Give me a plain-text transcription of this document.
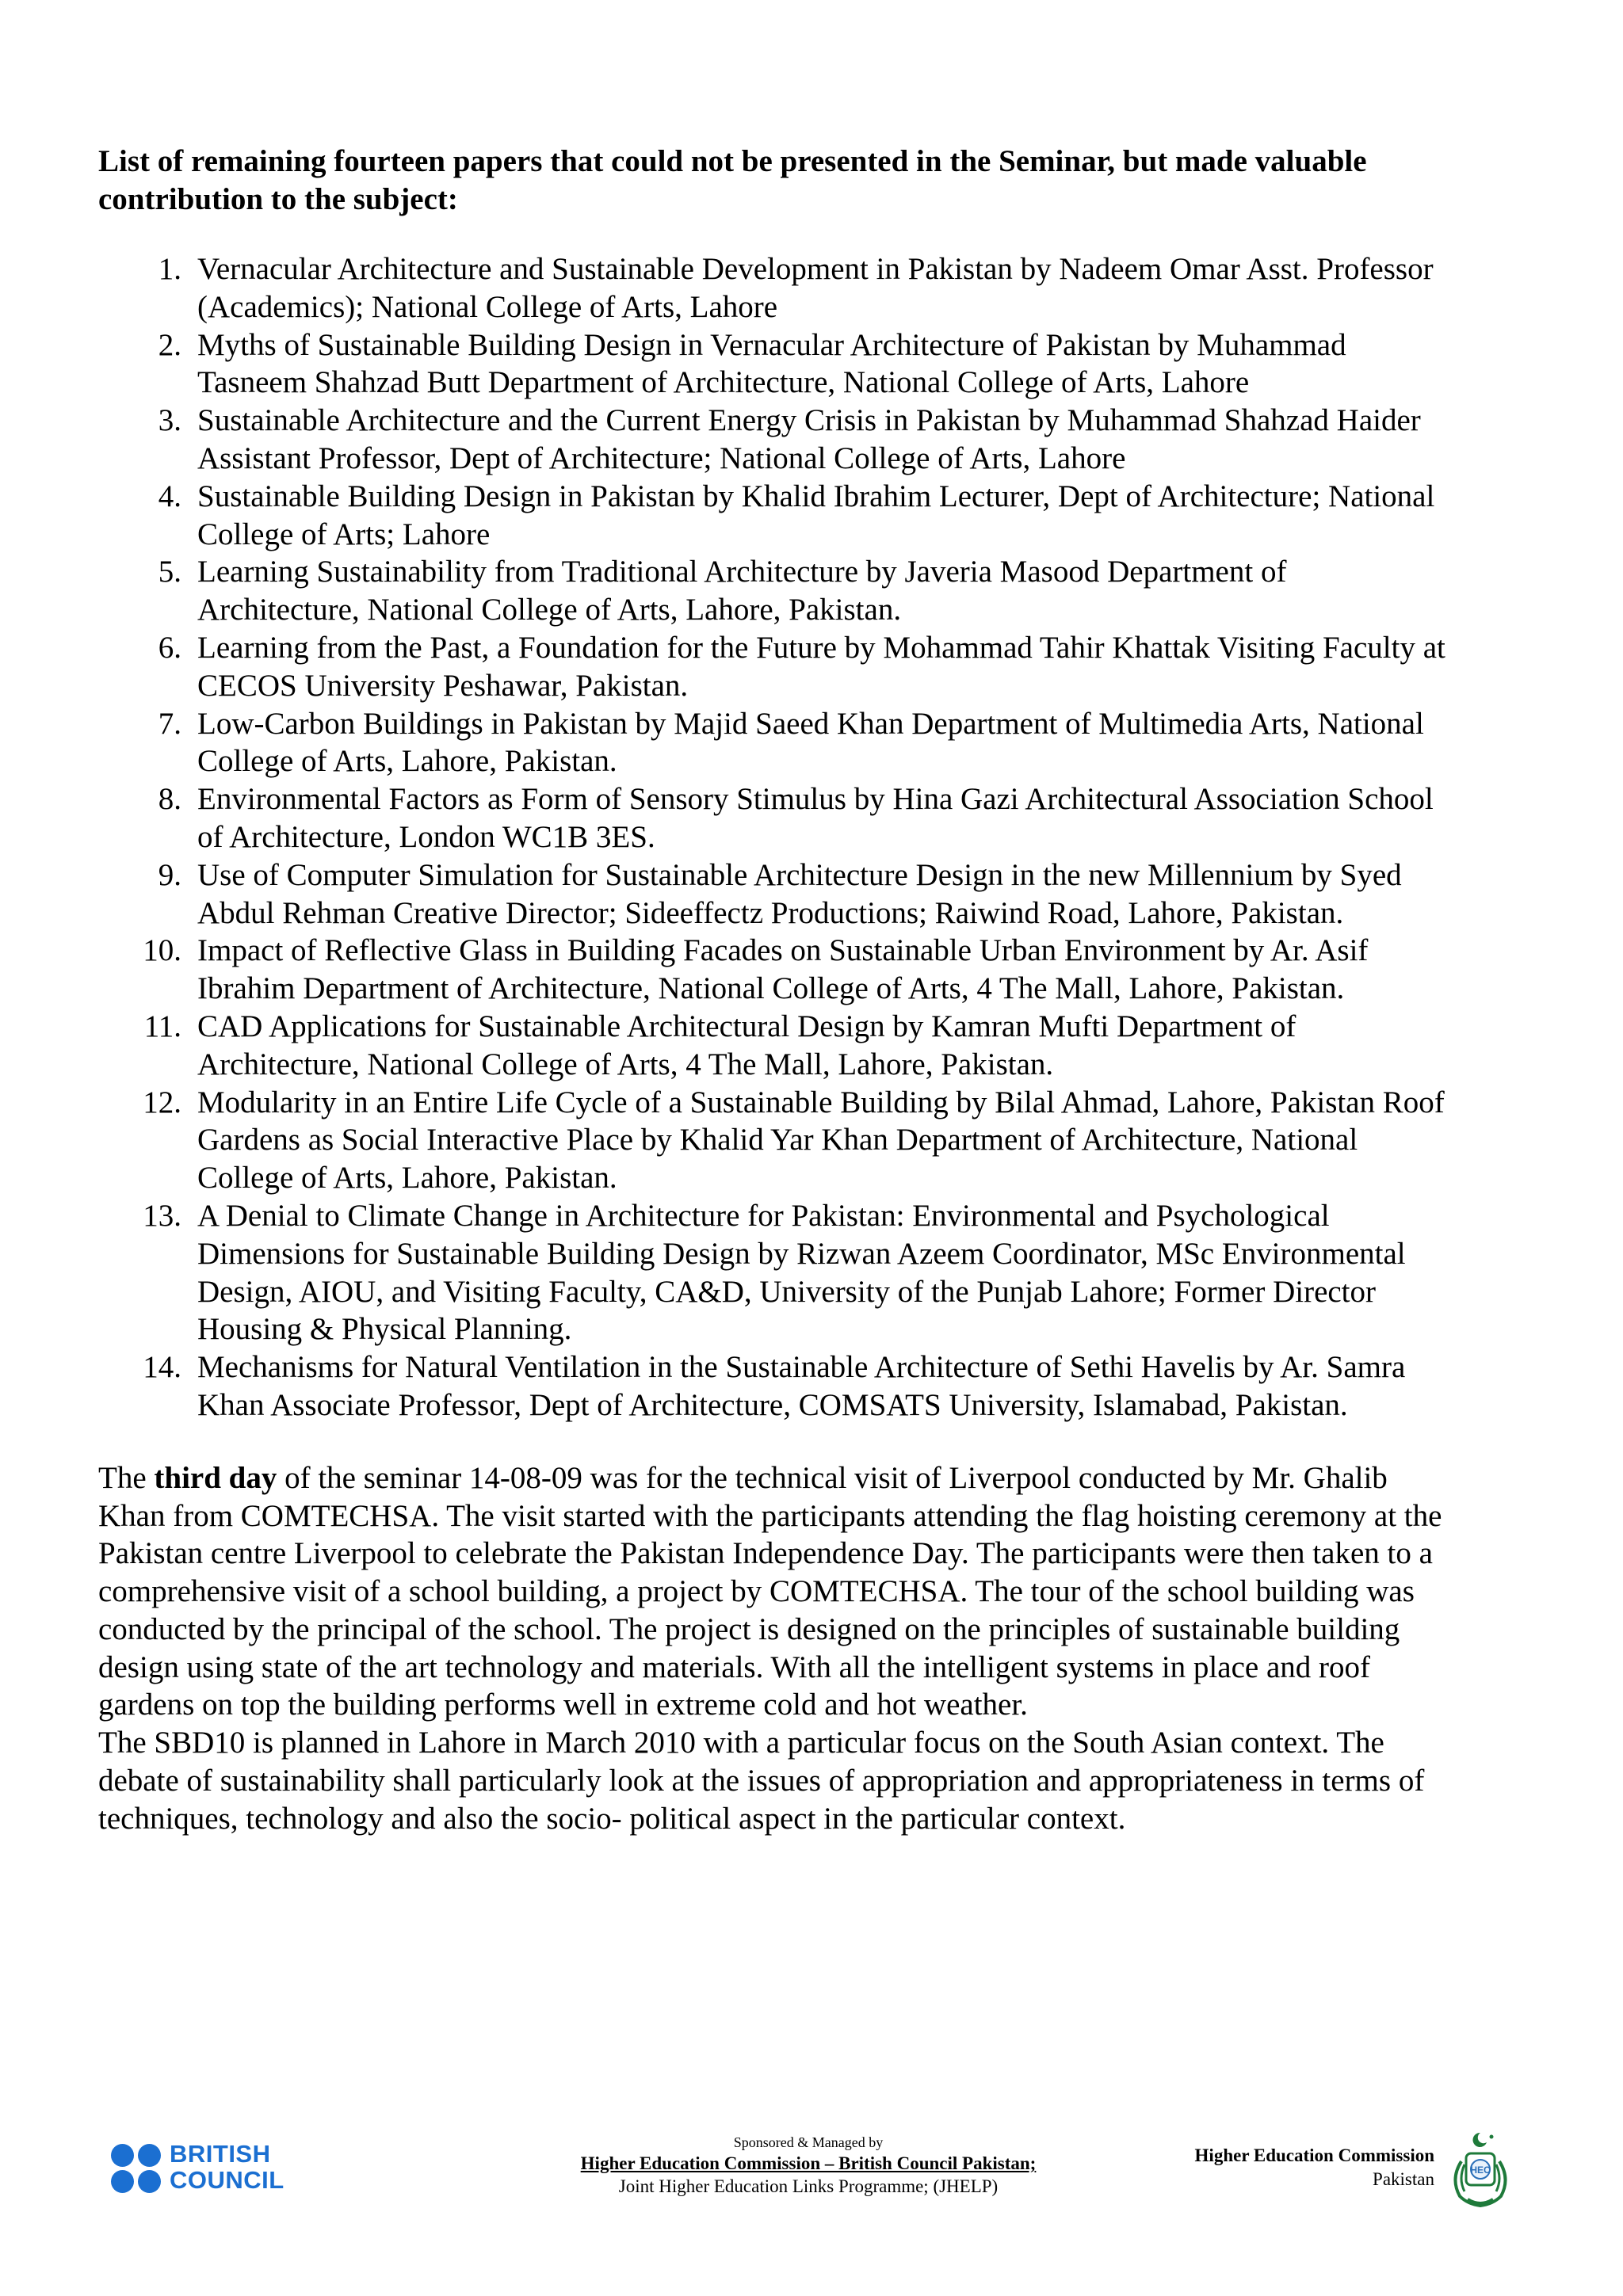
List of remaining fourteen papers that could not be presented in the Seminar, but made valuable contribution to the subject:

1. Vernacular Architecture and Sustainable Development in Pakistan by Nadeem Omar Asst. Professor
(Academics); National College of Arts, Lahore
2. Myths of Sustainable Building Design in Vernacular Architecture of Pakistan by Muhammad
Tasneem Shahzad Butt Department of Architecture, National College of Arts, Lahore
3. Sustainable Architecture and the Current Energy Crisis in Pakistan by Muhammad Shahzad Haider
Assistant Professor, Dept of Architecture; National College of Arts, Lahore
4. Sustainable Building Design in Pakistan by Khalid Ibrahim Lecturer, Dept of Architecture; National
College of Arts; Lahore
5. Learning Sustainability from Traditional Architecture by Javeria Masood Department of
Architecture, National College of Arts, Lahore, Pakistan.
6. Learning from the Past, a Foundation for the Future by Mohammad Tahir Khattak Visiting Faculty at
CECOS University Peshawar, Pakistan.
7. Low-Carbon Buildings in Pakistan by Majid Saeed Khan Department of Multimedia Arts, National
College of Arts, Lahore, Pakistan.
8. Environmental Factors as Form of Sensory Stimulus by Hina Gazi Architectural Association School
of Architecture, London WC1B 3ES.
9. Use of Computer Simulation for Sustainable Architecture Design in the new Millennium by Syed
Abdul Rehman Creative Director; Sideeffectz Productions; Raiwind Road, Lahore, Pakistan.
10. Impact of Reflective Glass in Building Facades on Sustainable Urban Environment by Ar. Asif
Ibrahim Department of Architecture, National College of Arts, 4 The Mall, Lahore, Pakistan.
11. CAD Applications for Sustainable Architectural Design by Kamran Mufti Department of
Architecture, National College of Arts, 4 The Mall, Lahore, Pakistan.
12. Modularity in an Entire Life Cycle of a Sustainable Building by Bilal Ahmad, Lahore, Pakistan Roof
Gardens as Social Interactive Place by Khalid Yar Khan Department of Architecture, National
College of Arts, Lahore, Pakistan.
13. A Denial to Climate Change in Architecture for Pakistan: Environmental and Psychological
Dimensions for Sustainable Building Design by Rizwan Azeem Coordinator, MSc Environmental
Design, AIOU, and Visiting Faculty, CA&D, University of the Punjab Lahore; Former Director
Housing & Physical Planning.
14. Mechanisms for Natural Ventilation in the Sustainable Architecture of Sethi Havelis by Ar. Samra
Khan Associate Professor, Dept of Architecture, COMSATS University, Islamabad, Pakistan.

The third day of the seminar 14-08-09 was for the technical visit of Liverpool conducted by Mr. Ghalib
Khan from COMTECHSA. The visit started with the participants attending the flag hoisting ceremony at the
Pakistan centre Liverpool to celebrate the Pakistan Independence Day. The participants were then taken to a
comprehensive visit of a school building, a project by COMTECHSA. The tour of the school building was
conducted by the principal of the school. The project is designed on the principles of sustainable building
design using state of the art technology and materials. With all the intelligent systems in place and roof
gardens on top the building performs well in extreme cold and hot weather.

The SBD10 is planned in Lahore in March 2010 with a particular focus on the South Asian context. The
debate of sustainability shall particularly look at the issues of appropriation and appropriateness in terms of
techniques, technology and also the socio- political aspect in the particular context.

BRITISH
COUNCIL
Sponsored & Managed by
Higher Education Commission – British Council Pakistan;
Joint Higher Education Links Programme; (JHELP)
Higher Education Commission
Pakistan	HEC
